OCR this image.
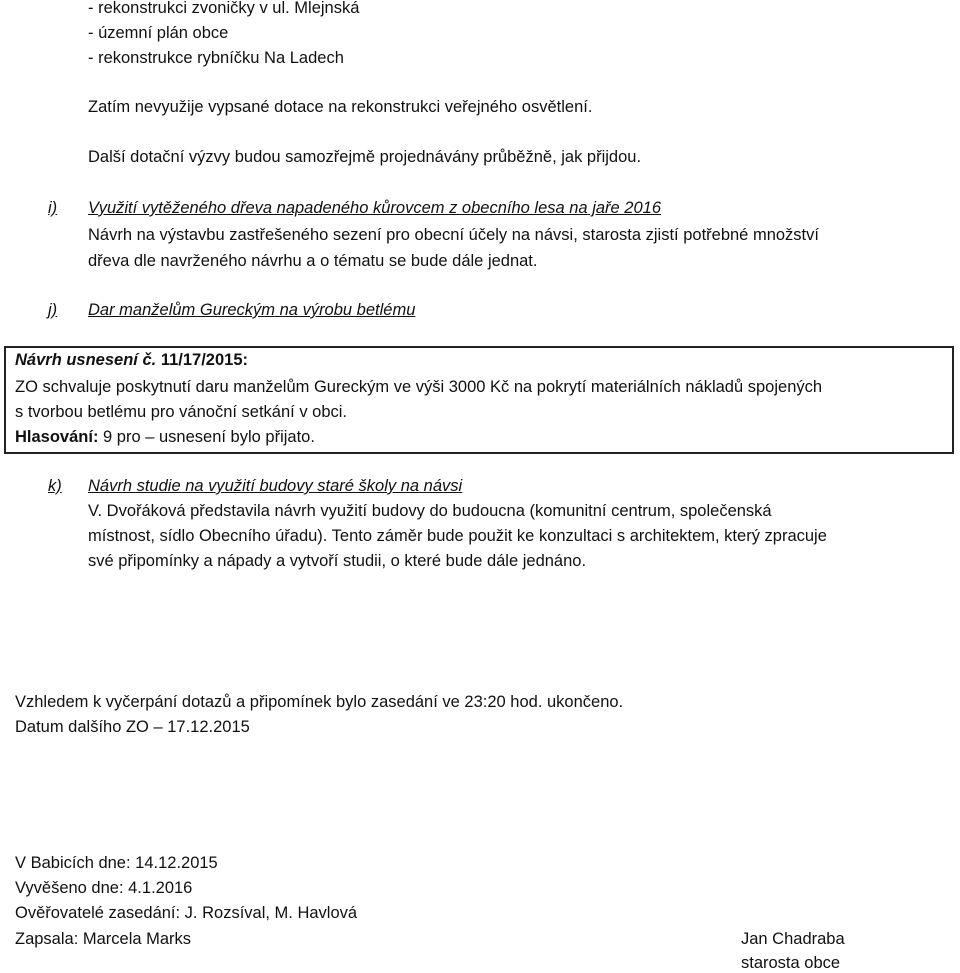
- rekonstrukci zvoničky v ul. Mlejnská
- územní plán obce
- rekonstrukce rybníčku Na Ladech
Zatím nevyužije vypsané dotace na rekonstrukci veřejného osvětlení.
Další dotační výzvy budou samozřejmě projednávány průběžně, jak přijdou.
i) Využití vytěženého dřeva napadeného kůrovcem z obecního lesa na jaře 2016
Návrh na výstavbu zastřešeného sezení pro obecní účely na návsi, starosta zjistí potřebné množství
dřeva dle navrženého návrhu a o tématu se bude dále jednat.
j) Dar manželům Gureckým na výrobu betlému
Návrh usnesení č. 11/17/2015:
ZO schvaluje poskytnutí daru manželům Gureckým ve výši 3000 Kč na pokrytí materiálních nákladů spojených
s tvorbou betlému pro vánoční setkání v obci.
Hlasování: 9 pro – usnesení bylo přijato.
k) Návrh studie na využití budovy staré školy na návsi
V. Dvořáková představila návrh využití budovy do budoucna (komunitní centrum, společenská
místnost, sídlo Obecního úřadu). Tento záměr bude použit ke konzultaci s architektem, který zpracuje
své připomínky a nápady a vytvoří studii, o které bude dále jednáno.
Vzhledem k vyčerpání dotazů a připomínek bylo zasedání ve 23:20 hod. ukončeno.
Datum dalšího ZO – 17.12.2015
V Babicích dne: 14.12.2015
Vyvěšeno dne: 4.1.2016
Ověřovatelé zasedání: J. Rozsíval, M. Havlová
Zapsala: Marcela Marks	Jan Chadraba
starosta obce
